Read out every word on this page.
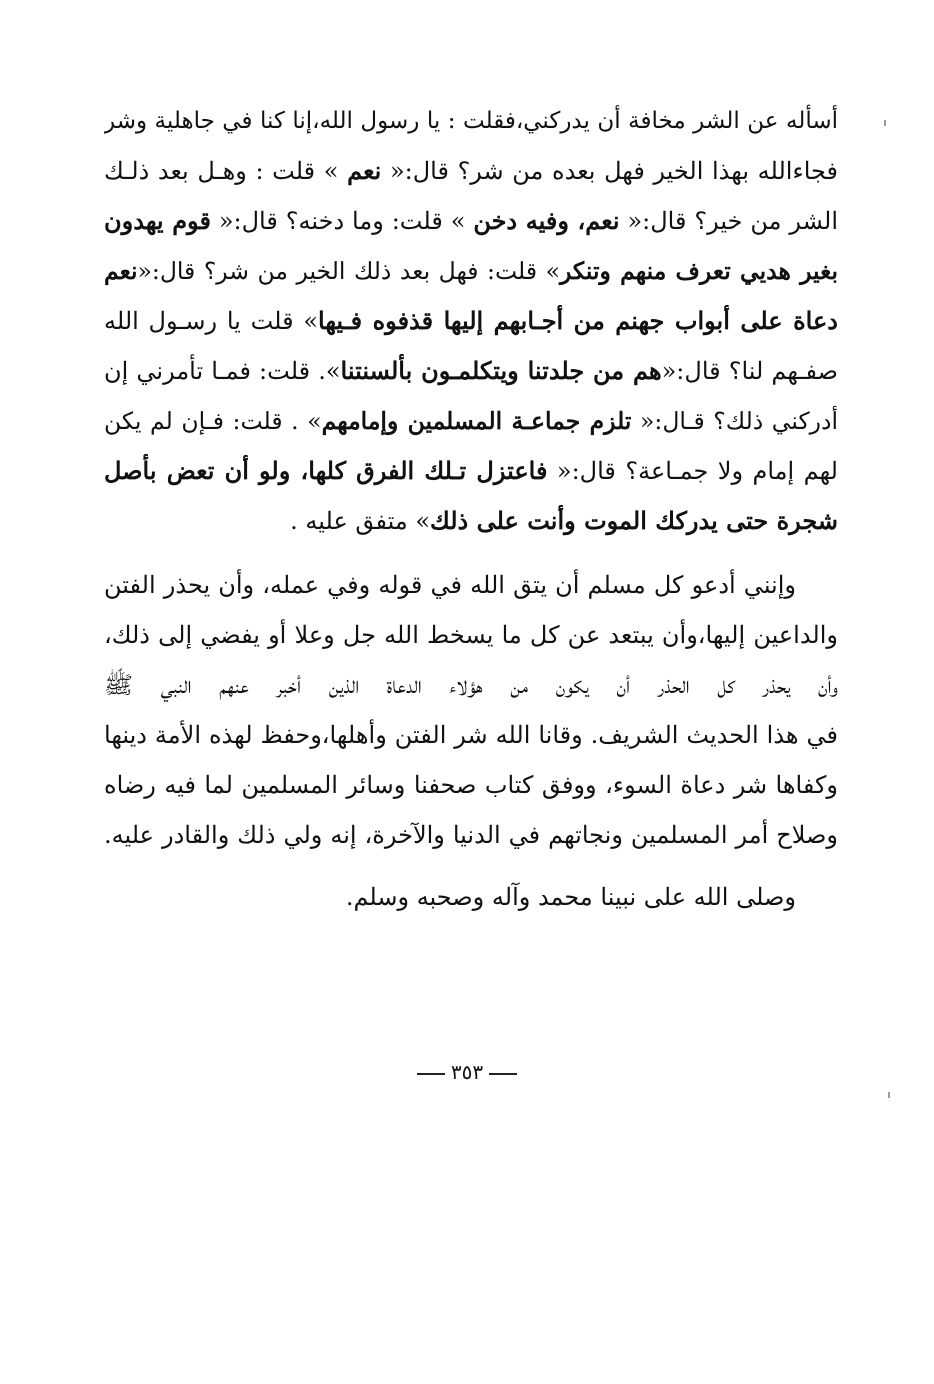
أسأله عن الشر مخافة أن يدركني،فقلت : يا رسول الله،إنا كنا في جاهلية وشر
فجاءالله بهذا الخير فهل بعده من شر؟ قال:« نعم » قلت : وهـل بعد ذلـك
الشر من خير؟ قال:« نعم، وفيه دخن » قلت: وما دخنه؟ قال:« قوم يهدون
بغير هديي تعرف منهم وتنكر» قلت: فهل بعد ذلك الخير من شر؟ قال:«نعم
دعاة على أبواب جهنم من أجـابهم إليها قذفوه فـيها» قلت يا رسـول الله
صفـهم لنا؟ قال:«هم من جلدتنا ويتكلمـون بألسنتنا». قلت: فمـا تأمرني إن
أدركني ذلك؟ قـال:« تلزم جماعـة المسلمين وإمامهم» . قلت: فـإن لم يكن
لهم إمام ولا جمـاعة؟ قال:« فاعتزل تـلك الفرق كلها، ولو أن تعض بأصل
شجرة حتى يدركك الموت وأنت على ذلك» متفق عليه .
وإنني أدعو كل مسلم أن يتق الله في قوله وفي عمله، وأن يحذر الفتن
والداعين إليها،وأن يبتعد عن كل ما يسخط الله جل وعلا أو يفضي إلى ذلك،
وأن يحذر كل الحذر أن يكون من هؤلاء الدعاة الذين أخبر عنهم النبي ﷺ
في هذا الحديث الشريف. وقانا الله شر الفتن وأهلها،وحفظ لهذه الأمة دينها
وكفاها شر دعاة السوء، ووفق كتاب صحفنا وسائر المسلمين لما فيه رضاه
وصلاح أمر المسلمين ونجاتهم في الدنيا والآخرة، إنه ولي ذلك والقادر عليه.
وصلى الله على نبينا محمد وآله وصحبه وسلم.
٣٥٣
